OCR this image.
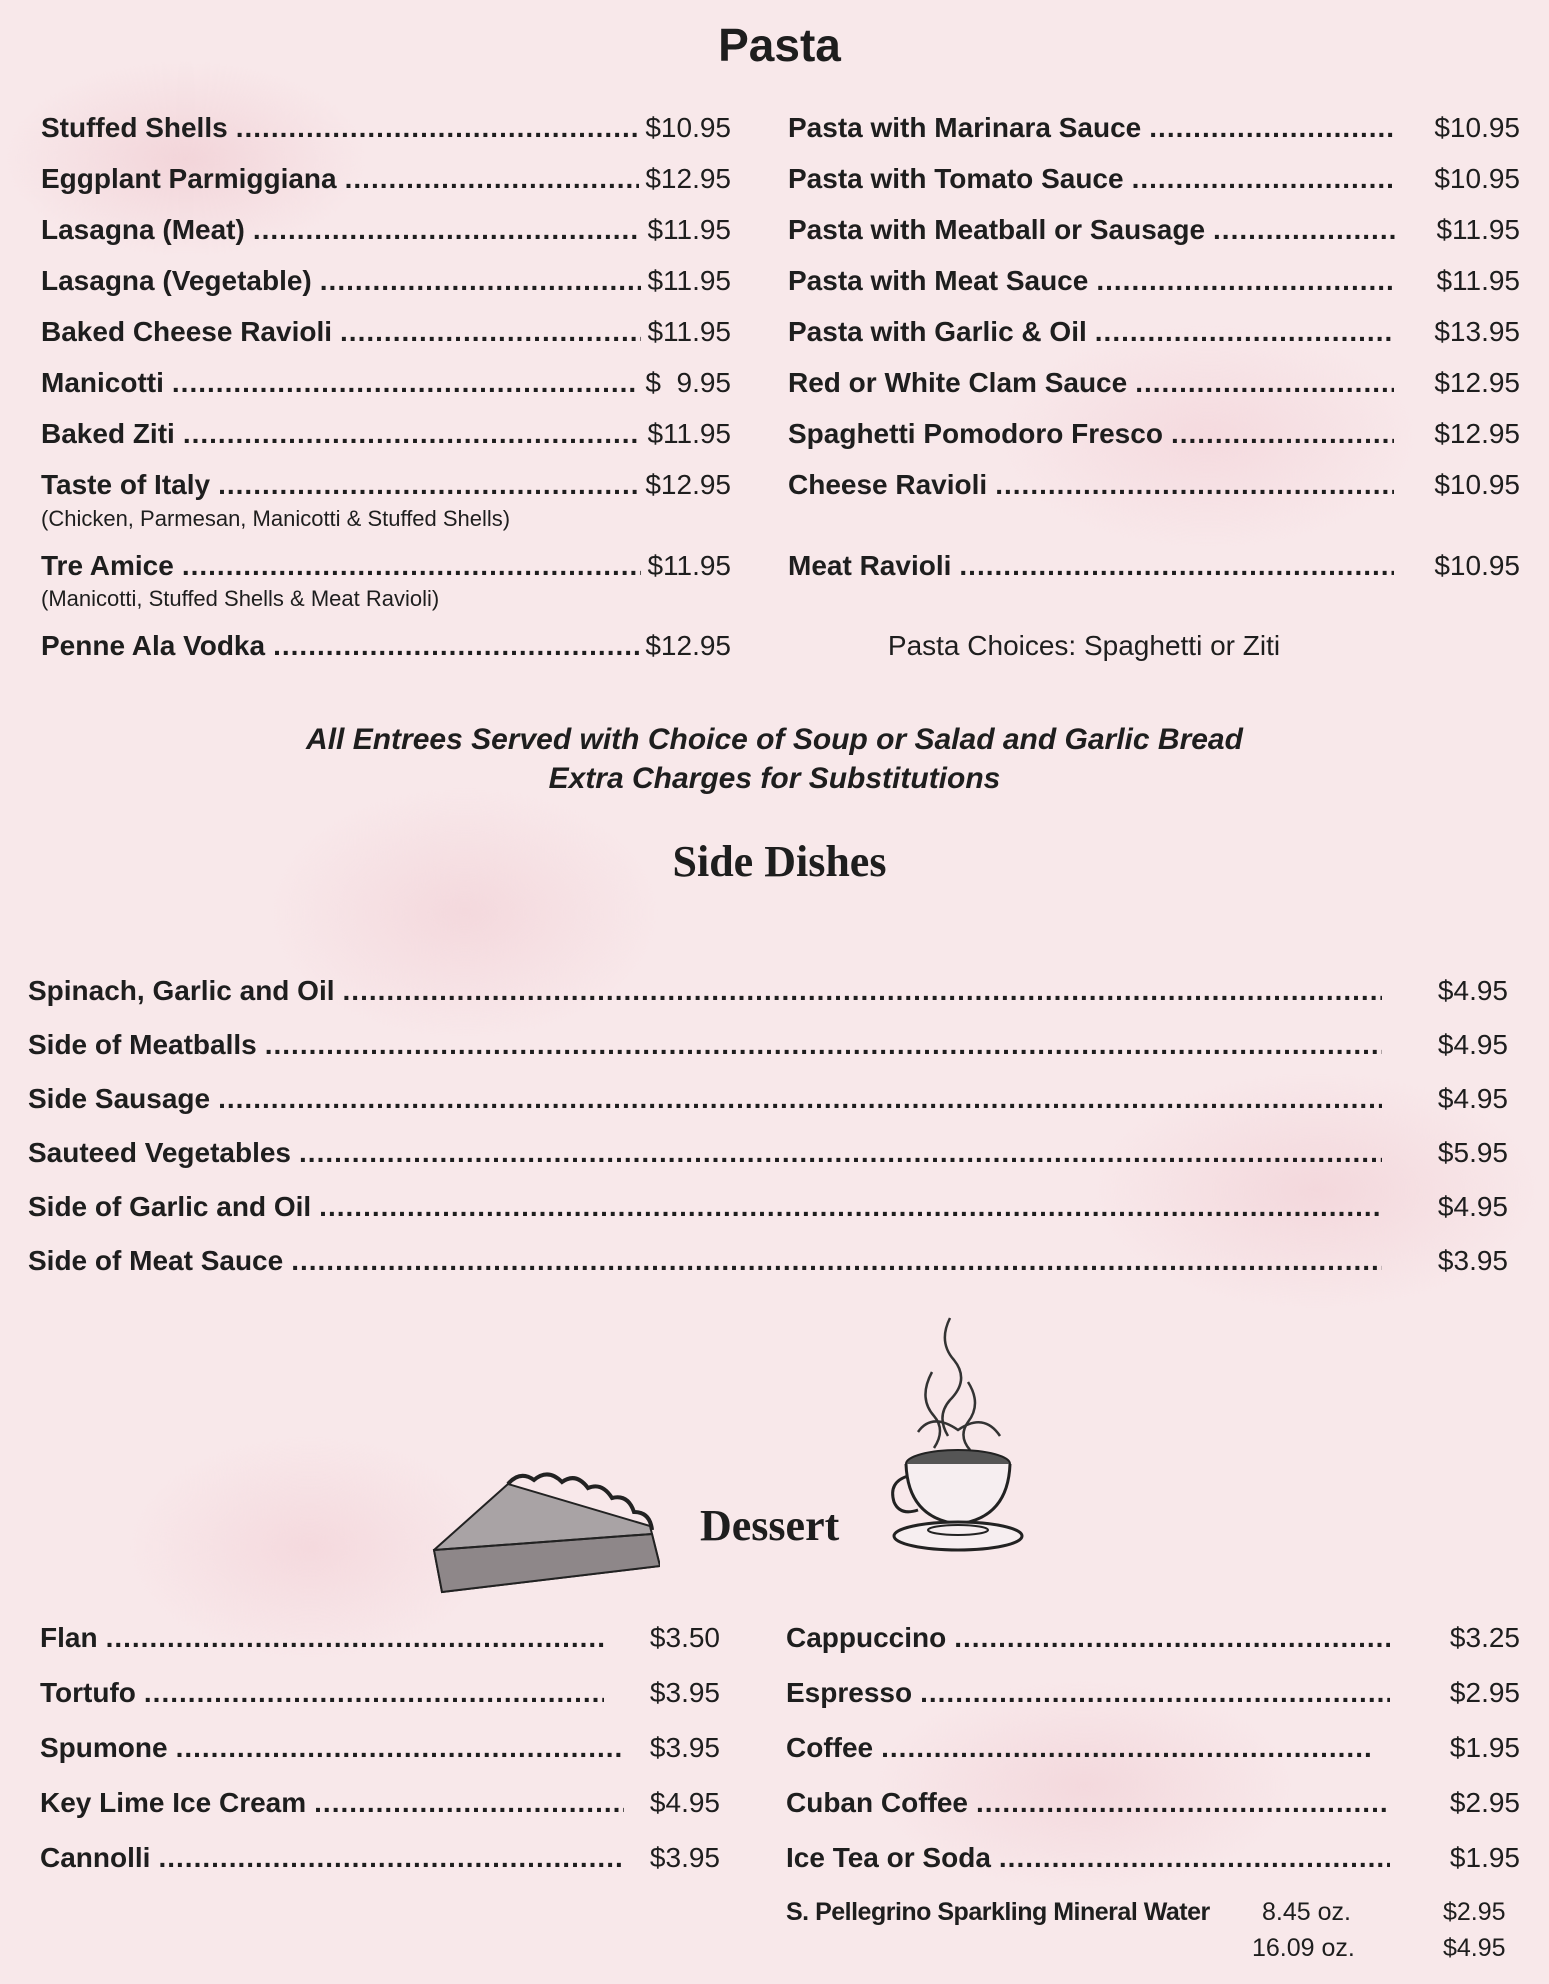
Pasta
Stuffed Shells .....	$10.95
Eggplant Parmiggiana .....	$12.95
Lasagna (Meat) .....	$11.95
Lasagna (Vegetable) .....	$11.95
Baked Cheese Ravioli .....	$11.95
Manicotti .....	$  9.95
Baked Ziti .....	$11.95
Taste of Italy .....	$12.95
(Chicken, Parmesan, Manicotti & Stuffed Shells)
Tre Amice .....	$11.95
(Manicotti, Stuffed Shells & Meat Ravioli)
Penne Ala Vodka .....	$12.95
Pasta with Marinara Sauce .....	$10.95
Pasta with Tomato Sauce .....	$10.95
Pasta with Meatball or Sausage .....	$11.95
Pasta with Meat Sauce .....	$11.95
Pasta with Garlic & Oil .....	$13.95
Red or White Clam Sauce .....	$12.95
Spaghetti Pomodoro Fresco .....	$12.95
Cheese Ravioli .....	$10.95
Meat Ravioli .....	$10.95
Pasta Choices: Spaghetti or Ziti
All Entrees Served with Choice of Soup or Salad and Garlic Bread
Extra Charges for Substitutions
Side Dishes
Spinach, Garlic and Oil .....	$4.95
Side of Meatballs .....	$4.95
Side Sausage .....	$4.95
Sauteed Vegetables .....	$5.95
Side of Garlic and Oil .....	$4.95
Side of Meat Sauce .....	$3.95
Dessert
Flan .....	$3.50
Tortufo .....	$3.95
Spumone .....	$3.95
Key Lime Ice Cream .....	$4.95
Cannolli .....	$3.95
Cappuccino .....	$3.25
Espresso .....	$2.95
Coffee .....	$1.95
Cuban Coffee .....	$2.95
Ice Tea or Soda .....	$1.95
S. Pellegrino Sparkling Mineral Water 8.45 oz.	$2.95
16.09 oz.	$4.95
